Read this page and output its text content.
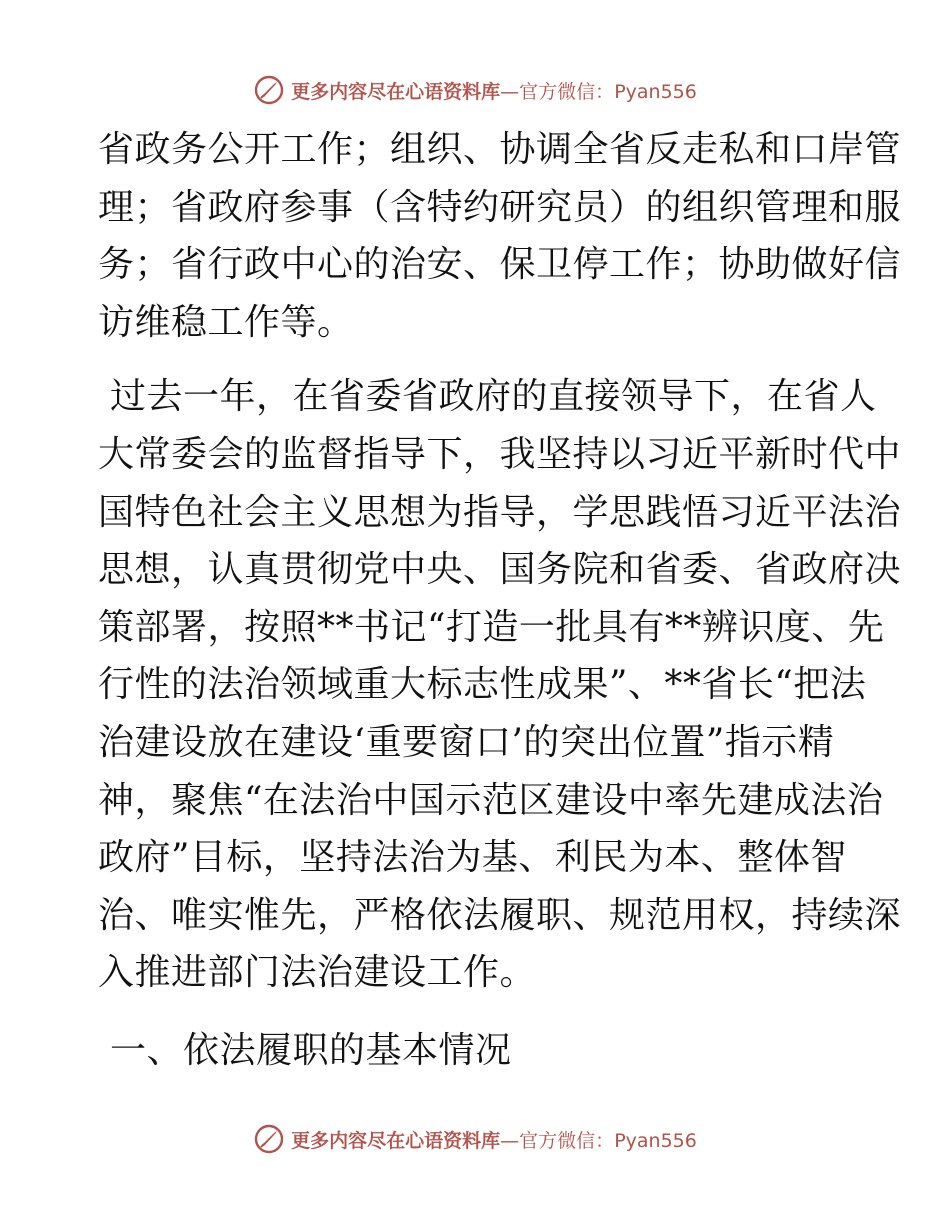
更多内容尽在心语资料库—官方微信：Pyan556
省政务公开工作；组织、协调全省反走私和口岸管
理；省政府参事（含特约研究员）的组织管理和服
务；省行政中心的治安、保卫停工作；协助做好信
访维稳工作等。
过去一年，在省委省政府的直接领导下，在省人
大常委会的监督指导下，我坚持以习近平新时代中
国特色社会主义思想为指导，学思践悟习近平法治
思想，认真贯彻党中央、国务院和省委、省政府决
策部署，按照**书记“打造一批具有**辨识度、先
行性的法治领域重大标志性成果”、**省长“把法
治建设放在建设‘重要窗口’的突出位置”指示精
神，聚焦“在法治中国示范区建设中率先建成法治
政府”目标，坚持法治为基、利民为本、整体智
治、唯实惟先，严格依法履职、规范用权，持续深
入推进部门法治建设工作。
一、依法履职的基本情况
更多内容尽在心语资料库—官方微信：Pyan556
